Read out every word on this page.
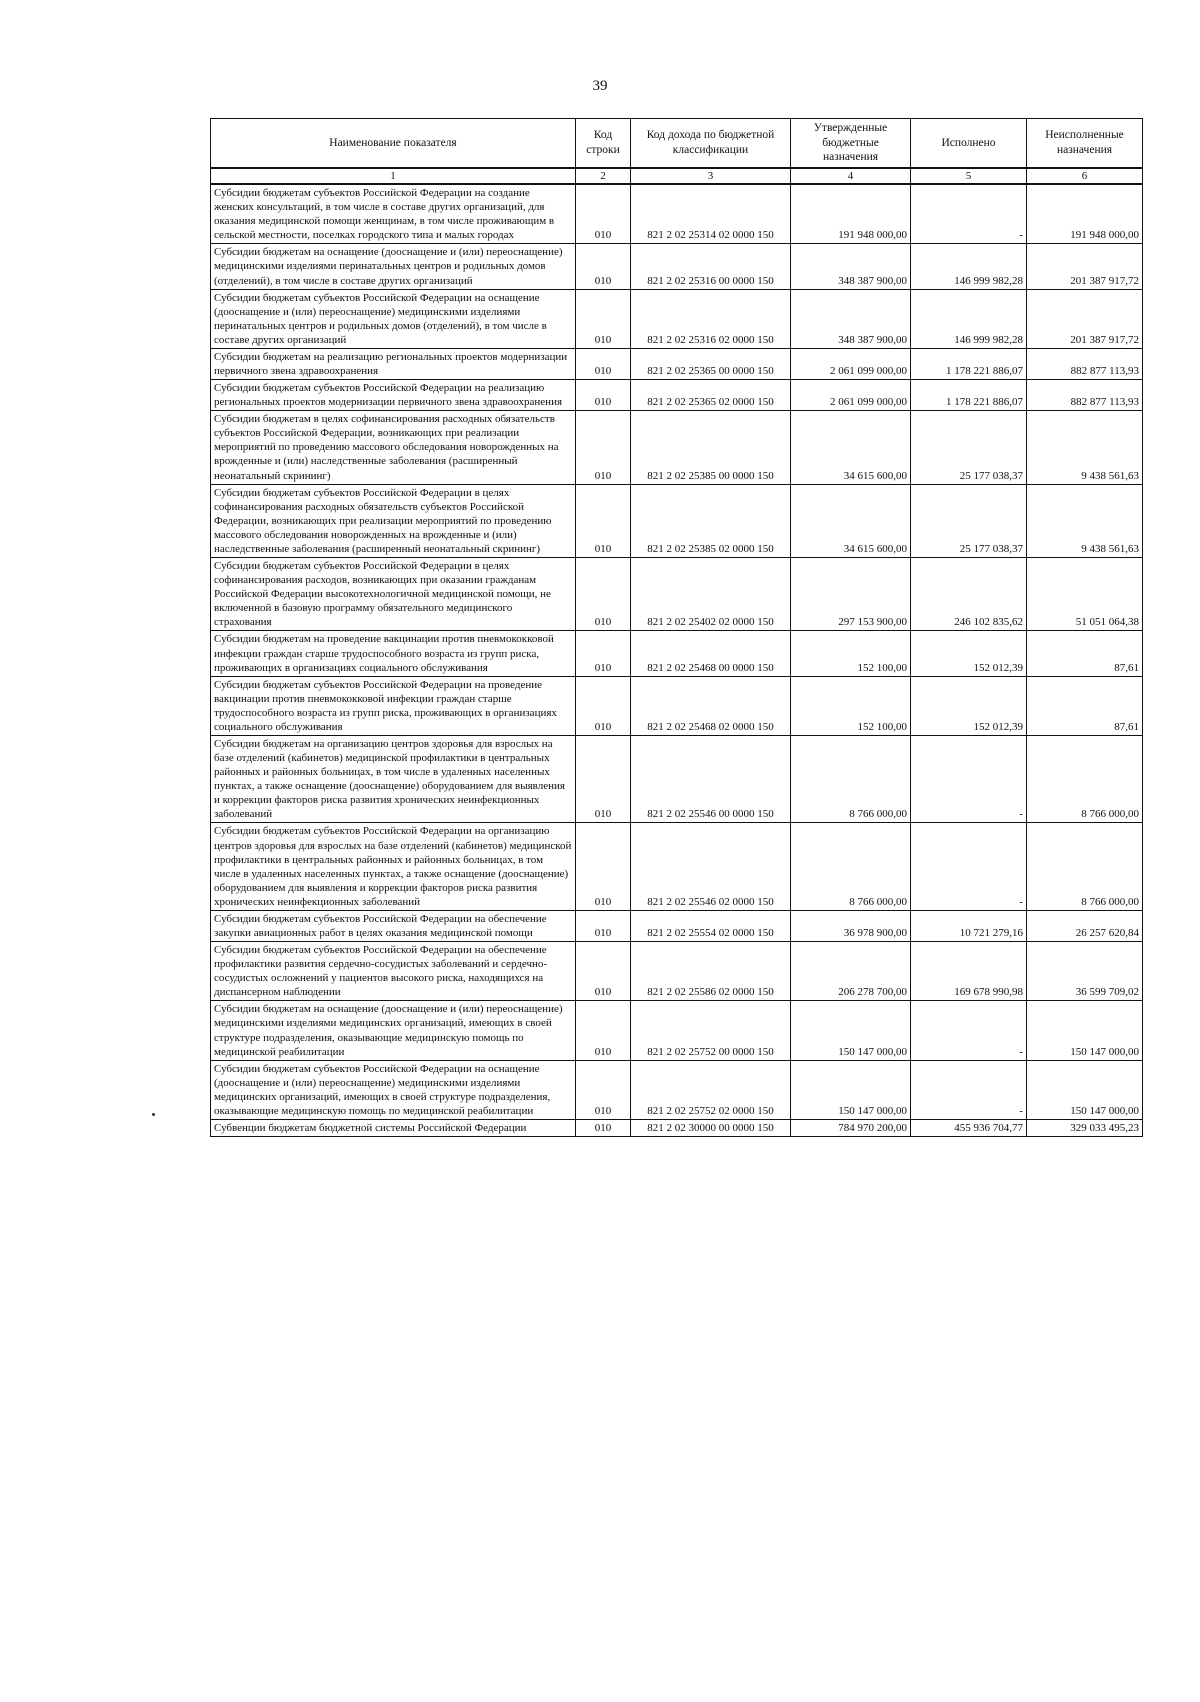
39
Наименование показателя	Код строки	Код дохода по бюджетной классификации	Утвержденные бюджетные назначения	Исполнено	Неисполненные назначения
1	2	3	4	5	6
Субсидии бюджетам субъектов Российской Федерации на создание женских консультаций, в том числе в составе других организаций, для оказания медицинской помощи женщинам, в том числе проживающим в сельской местности, поселках городского типа и малых городах	010	821 2 02 25314 02 0000 150	191 948 000,00	-	191 948 000,00
Субсидии бюджетам на оснащение (дооснащение и (или) переоснащение) медицинскими изделиями перинатальных центров и родильных домов (отделений), в том числе в составе других организаций	010	821 2 02 25316 00 0000 150	348 387 900,00	146 999 982,28	201 387 917,72
Субсидии бюджетам субъектов Российской Федерации на оснащение (дооснащение и (или) переоснащение) медицинскими изделиями перинатальных центров и родильных домов (отделений), в том числе в составе других организаций	010	821 2 02 25316 02 0000 150	348 387 900,00	146 999 982,28	201 387 917,72
Субсидии бюджетам на реализацию региональных проектов модернизации первичного звена здравоохранения	010	821 2 02 25365 00 0000 150	2 061 099 000,00	1 178 221 886,07	882 877 113,93
Субсидии бюджетам субъектов Российской Федерации на реализацию региональных проектов модернизации первичного звена здравоохранения	010	821 2 02 25365 02 0000 150	2 061 099 000,00	1 178 221 886,07	882 877 113,93
Субсидии бюджетам в целях софинансирования расходных обязательств субъектов Российской Федерации, возникающих при реализации мероприятий по проведению массового обследования новорожденных на врожденные и (или) наследственные заболевания (расширенный неонатальный скрининг)	010	821 2 02 25385 00 0000 150	34 615 600,00	25 177 038,37	9 438 561,63
Субсидии бюджетам субъектов Российской Федерации в целях софинансирования расходных обязательств субъектов Российской Федерации, возникающих при реализации мероприятий по проведению массового обследования новорожденных на врожденные и (или) наследственные заболевания (расширенный неонатальный скрининг)	010	821 2 02 25385 02 0000 150	34 615 600,00	25 177 038,37	9 438 561,63
Субсидии бюджетам субъектов Российской Федерации в целях софинансирования расходов, возникающих при оказании гражданам Российской Федерации высокотехнологичной медицинской помощи, не включенной в базовую программу обязательного медицинского страхования	010	821 2 02 25402 02 0000 150	297 153 900,00	246 102 835,62	51 051 064,38
Субсидии бюджетам на проведение вакцинации против пневмококковой инфекции граждан старше трудоспособного возраста из групп риска, проживающих в организациях социального обслуживания	010	821 2 02 25468 00 0000 150	152 100,00	152 012,39	87,61
Субсидии бюджетам субъектов Российской Федерации на проведение вакцинации против пневмококковой инфекции граждан старше трудоспособного возраста из групп риска, проживающих в организациях социального обслуживания	010	821 2 02 25468 02 0000 150	152 100,00	152 012,39	87,61
Субсидии бюджетам на организацию центров здоровья для взрослых на базе отделений (кабинетов) медицинской профилактики в центральных районных и районных больницах, в том числе в удаленных населенных пунктах, а также оснащение (дооснащение) оборудованием для выявления и коррекции факторов риска развития хронических неинфекционных заболеваний	010	821 2 02 25546 00 0000 150	8 766 000,00	-	8 766 000,00
Субсидии бюджетам субъектов Российской Федерации на организацию центров здоровья для взрослых на базе отделений (кабинетов) медицинской профилактики в центральных районных и районных больницах, в том числе в удаленных населенных пунктах, а также оснащение (дооснащение) оборудованием для выявления и коррекции факторов риска развития хронических неинфекционных заболеваний	010	821 2 02 25546 02 0000 150	8 766 000,00	-	8 766 000,00
Субсидии бюджетам субъектов Российской Федерации на обеспечение закупки авиационных работ в целях оказания медицинской помощи	010	821 2 02 25554 02 0000 150	36 978 900,00	10 721 279,16	26 257 620,84
Субсидии бюджетам субъектов Российской Федерации на обеспечение профилактики развития сердечно-сосудистых заболеваний и сердечно-сосудистых осложнений у пациентов высокого риска, находящихся на диспансерном наблюдении	010	821 2 02 25586 02 0000 150	206 278 700,00	169 678 990,98	36 599 709,02
Субсидии бюджетам на оснащение (дооснащение и (или) переоснащение) медицинскими изделиями медицинских организаций, имеющих в своей структуре подразделения, оказывающие медицинскую помощь по медицинской реабилитации	010	821 2 02 25752 00 0000 150	150 147 000,00	-	150 147 000,00
Субсидии бюджетам субъектов Российской Федерации на оснащение (дооснащение и (или) переоснащение) медицинскими изделиями медицинских организаций, имеющих в своей структуре подразделения, оказывающие медицинскую помощь по медицинской реабилитации	010	821 2 02 25752 02 0000 150	150 147 000,00	-	150 147 000,00
Субвенции бюджетам бюджетной системы Российской Федерации	010	821 2 02 30000 00 0000 150	784 970 200,00	455 936 704,77	329 033 495,23
